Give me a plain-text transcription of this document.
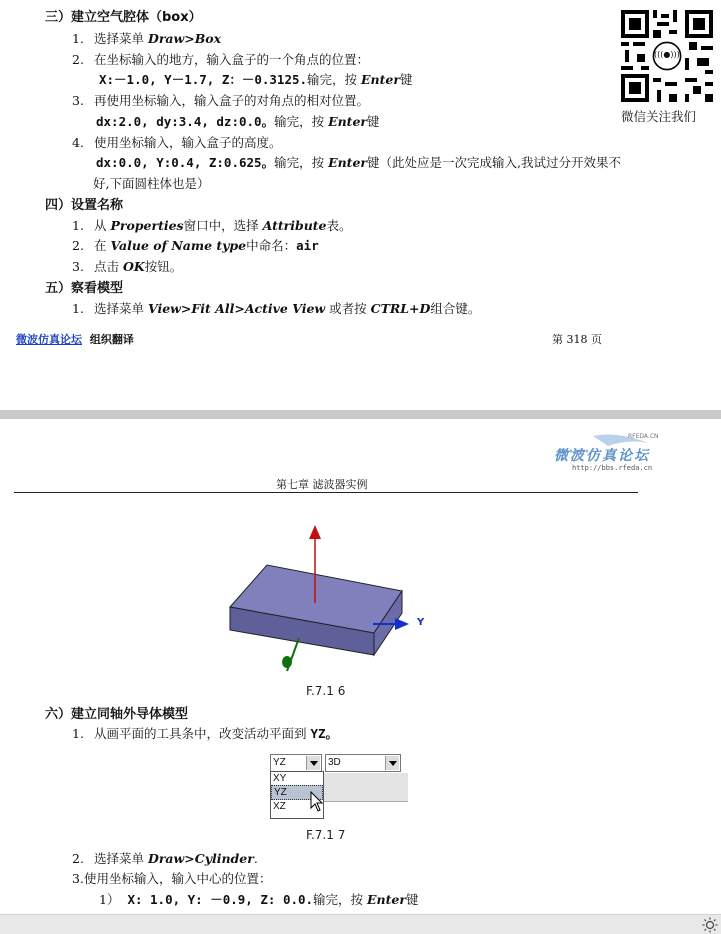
三）建立空气腔体（box）
1. 选择菜单 Draw>Box
2. 在坐标输入的地方，输入盒子的一个角点的位置：
X:－1.0, Y－1.7, Z：－0.3125.输完，按 Enter键
3. 再使用坐标输入，输入盒子的对角点的相对位置。
dx:2.0, dy:3.4, dz:0.0。输完，按 Enter键
4. 使用坐标输入，输入盒子的高度。
dx:0.0, Y:0.4, Z:0.625。输完，按 Enter键（此处应是一次完成输入,我试过分开效果不
好,下面圆柱体也是）
四）设置名称
1. 从 Properties窗口中，选择 Attribute表。
2. 在 Value of Name type中命名：air
3. 点击 OK按钮。
五）察看模型
1. 选择菜单 View>Fit All>Active View 或者按 CTRL+D组合键。
微波仿真论坛 组织翻译	第 318 页
(((●)))
微信关注我们
RFEDA.CN
微波仿真论坛
http://bbs.rfeda.cn
第七章 滤波器实例
Y
F.7.1 6
六）建立同轴外导体模型
1. 从画平面的工具条中，改变活动平面到 YZ。
YZ	3D
XY
YZ
XZ
F.7.1 7
2. 选择菜单 Draw>Cylinder.
3.使用坐标输入，输入中心的位置：
1） X: 1.0, Y: －0.9, Z: 0.0.输完，按 Enter键
